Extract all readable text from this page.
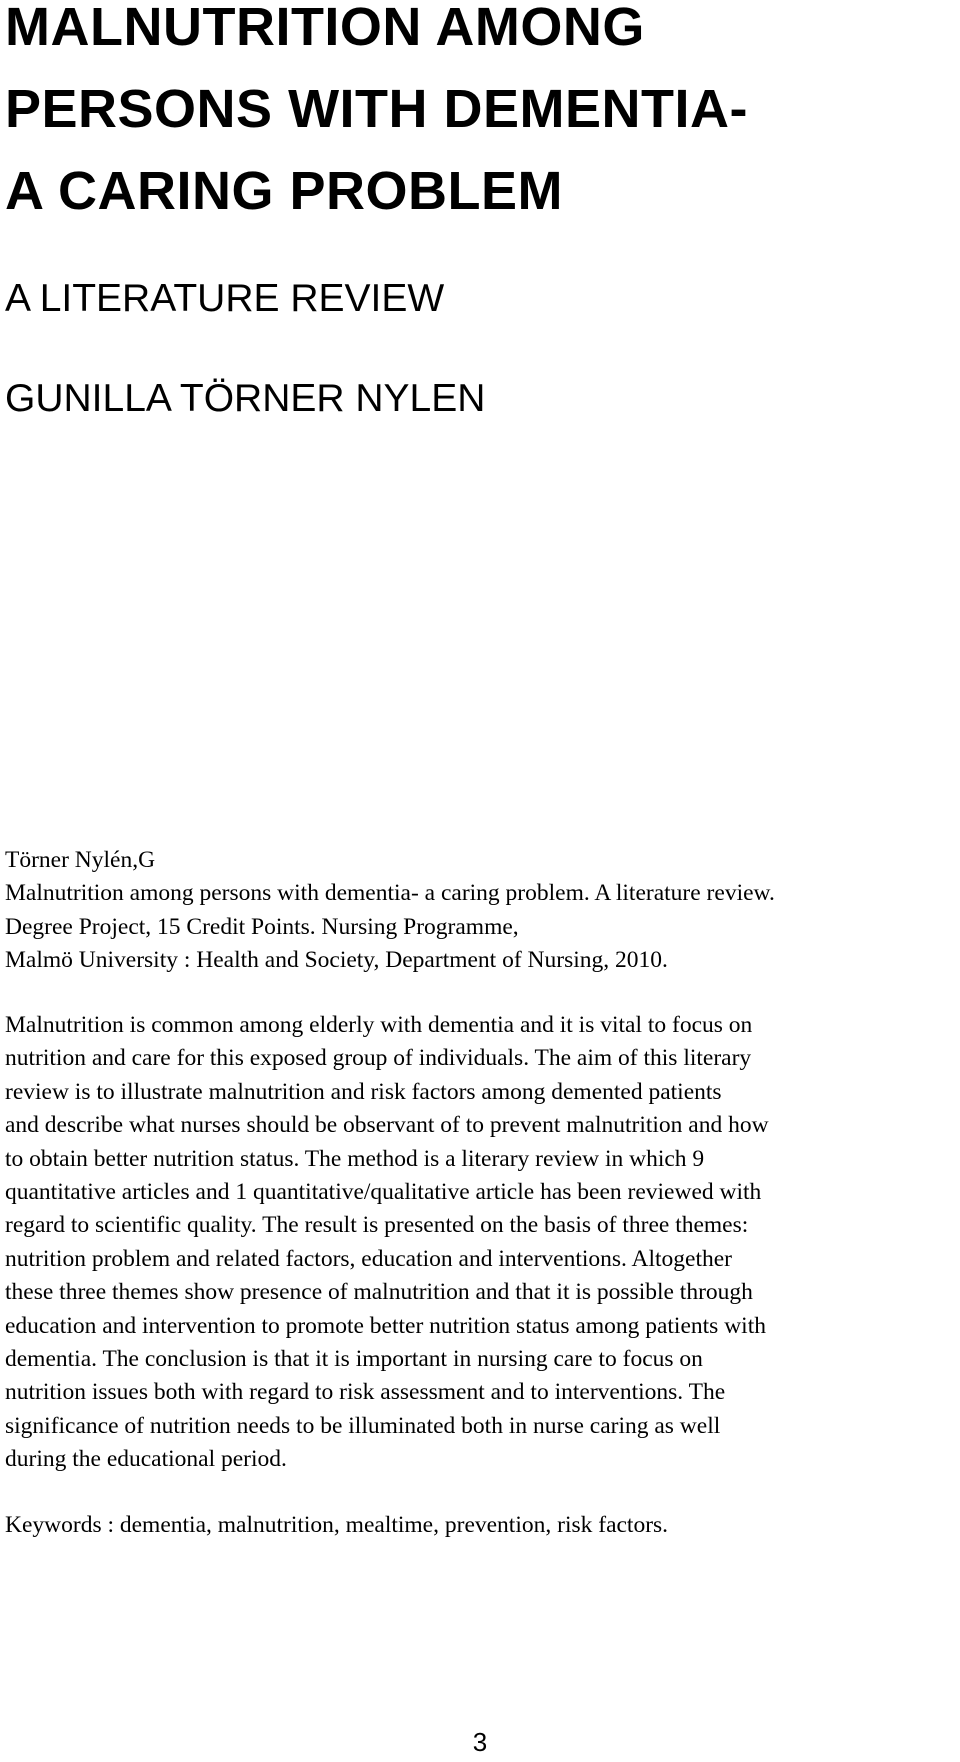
MALNUTRITION AMONG
PERSONS WITH DEMENTIA-
A CARING PROBLEM
A LITERATURE REVIEW
GUNILLA TÖRNER NYLEN
Törner Nylén,G
Malnutrition among persons with dementia- a caring problem. A literature review.
Degree Project, 15 Credit Points. Nursing Programme,
Malmö University : Health and Society, Department of Nursing, 2010.
Malnutrition is common among elderly with dementia and it is vital to focus on
nutrition and care for this exposed group of individuals. The aim of this literary
review is to illustrate malnutrition and risk factors among demented patients
and describe what nurses should be observant of to prevent malnutrition and how
to obtain better nutrition status. The method is a literary review in which 9
quantitative articles and 1 quantitative/qualitative article has been reviewed with
regard to scientific quality. The result is presented on the basis of three themes:
nutrition problem and related factors, education and interventions. Altogether
these three themes show presence of malnutrition and that it is possible through
education and intervention to promote better nutrition status among patients with
dementia. The conclusion is that it is important in nursing care to focus on
nutrition issues both with regard to risk assessment and to interventions. The
significance of nutrition needs to be illuminated both in nurse caring as well
during the educational period.

Keywords : dementia, malnutrition, mealtime, prevention, risk factors.

3
